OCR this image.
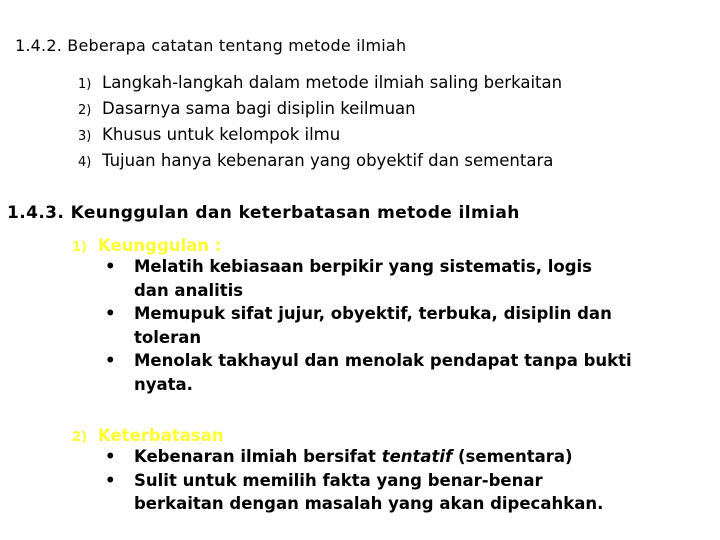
1.4.2. Beberapa catatan tentang metode ilmiah
1) Langkah-langkah dalam metode ilmiah saling berkaitan
2) Dasarnya sama bagi disiplin keilmuan
3) Khusus untuk kelompok ilmu
4) Tujuan hanya kebenaran yang obyektif dan sementara
1.4.3. Keunggulan dan keterbatasan metode ilmiah
1) Keunggulan :
• Melatih kebiasaan berpikir yang sistematis, logis dan analitis
• Memupuk sifat jujur, obyektif, terbuka, disiplin dan toleran
• Menolak takhayul dan menolak pendapat tanpa bukti nyata.
2) Keterbatasan
• Kebenaran ilmiah bersifat tentatif (sementara)
• Sulit untuk memilih fakta yang benar-benar berkaitan dengan masalah yang akan dipecahkan.
